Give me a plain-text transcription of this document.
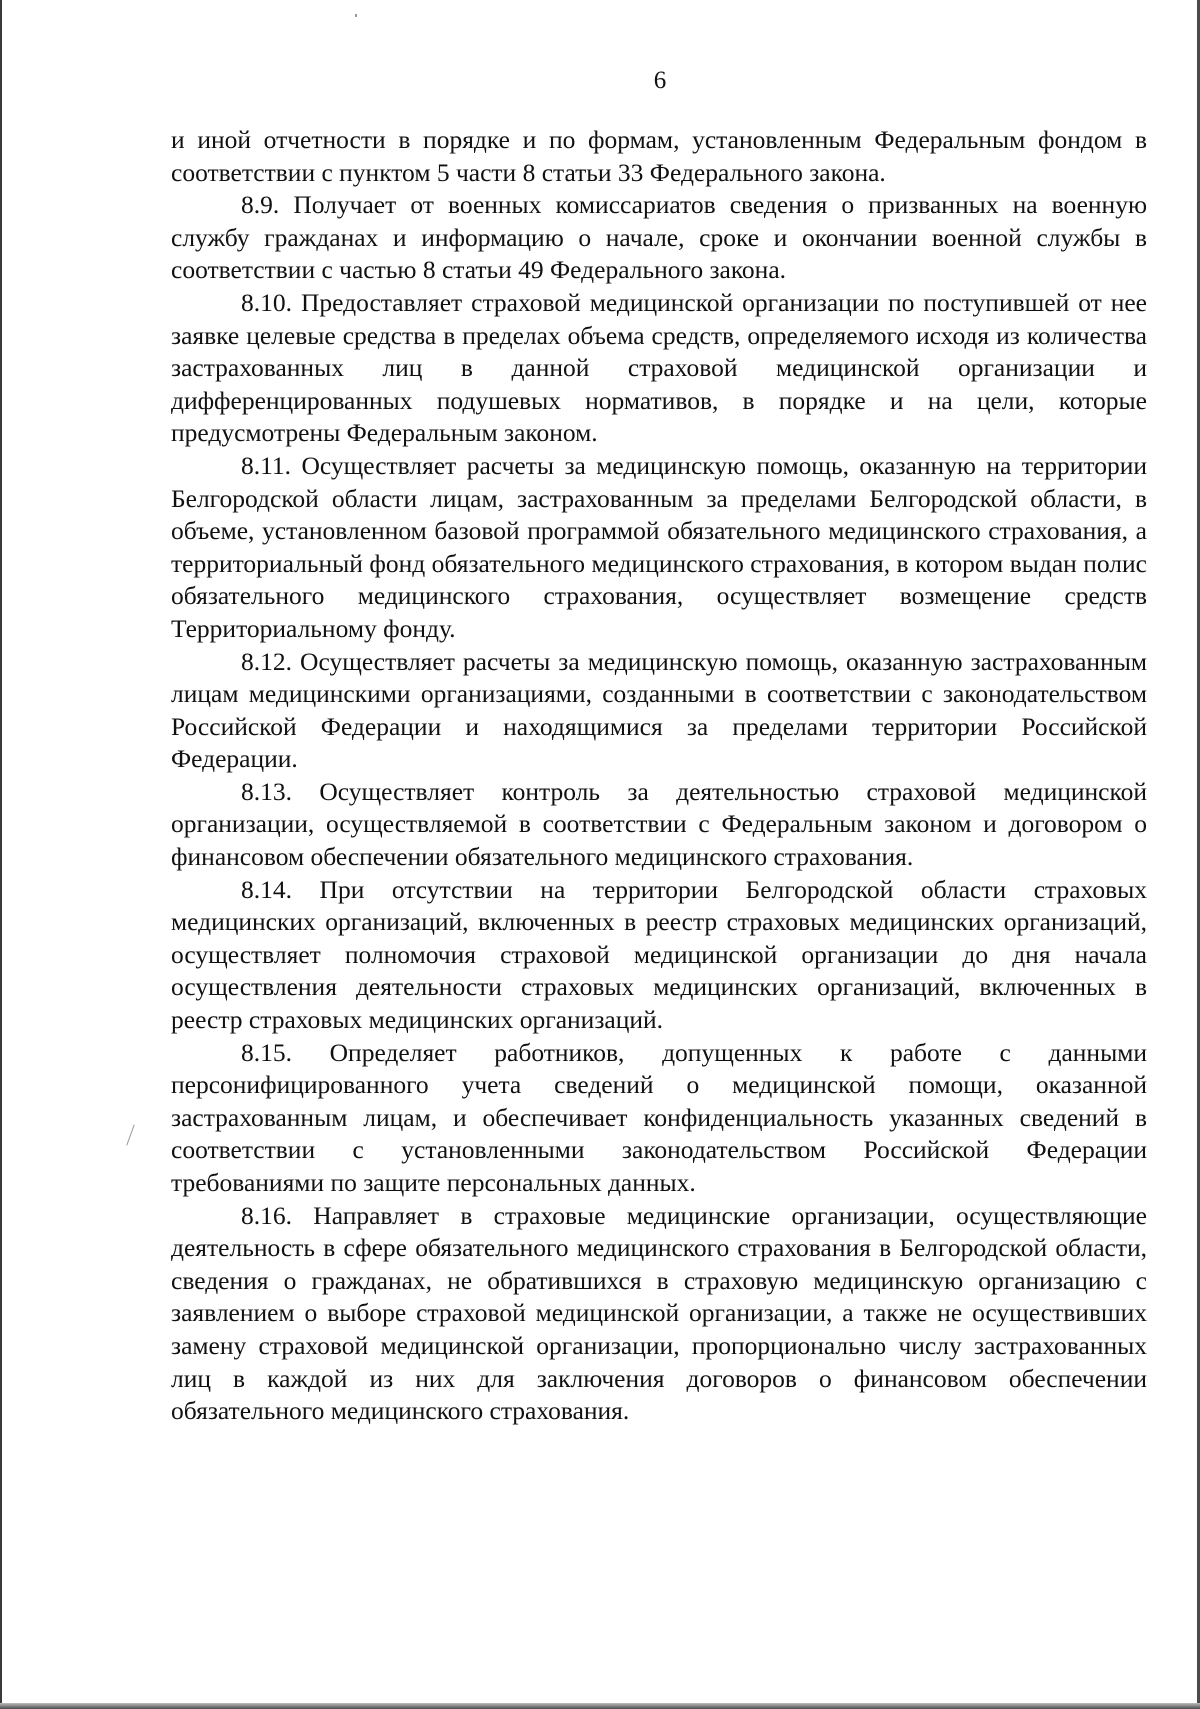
6

и иной отчетности в порядке и по формам, установленным Федеральным фондом в соответствии с пунктом 5 части 8 статьи 33 Федерального закона.

8.9. Получает от военных комиссариатов сведения о призванных на военную службу гражданах и информацию о начале, сроке и окончании военной службы в соответствии с частью 8 статьи 49 Федерального закона.

8.10. Предоставляет страховой медицинской организации по поступившей от нее заявке целевые средства в пределах объема средств, определяемого исходя из количества застрахованных лиц в данной страховой медицинской организации и дифференцированных подушевых нормативов, в порядке и на цели, которые предусмотрены Федеральным законом.

8.11. Осуществляет расчеты за медицинскую помощь, оказанную на территории Белгородской области лицам, застрахованным за пределами Белгородской области, в объеме, установленном базовой программой обязательного медицинского страхования, а территориальный фонд обязательного медицинского страхования, в котором выдан полис обязательного медицинского страхования, осуществляет возмещение средств Территориальному фонду.

8.12. Осуществляет расчеты за медицинскую помощь, оказанную застрахованным лицам медицинскими организациями, созданными в соответствии с законодательством Российской Федерации и находящимися за пределами территории Российской Федерации.

8.13. Осуществляет контроль за деятельностью страховой медицинской организации, осуществляемой в соответствии с Федеральным законом и договором о финансовом обеспечении обязательного медицинского страхования.

8.14. При отсутствии на территории Белгородской области страховых медицинских организаций, включенных в реестр страховых медицинских организаций, осуществляет полномочия страховой медицинской организации до дня начала осуществления деятельности страховых медицинских организаций, включенных в реестр страховых медицинских организаций.

8.15. Определяет работников, допущенных к работе с данными персонифицированного учета сведений о медицинской помощи, оказанной застрахованным лицам, и обеспечивает конфиденциальность указанных сведений в соответствии с установленными законодательством Российской Федерации требованиями по защите персональных данных.

8.16. Направляет в страховые медицинские организации, осуществляющие деятельность в сфере обязательного медицинского страхования в Белгородской области, сведения о гражданах, не обратившихся в страховую медицинскую организацию с заявлением о выборе страховой медицинской организации, а также не осуществивших замену страховой медицинской организации, пропорционально числу застрахованных лиц в каждой из них для заключения договоров о финансовом обеспечении обязательного медицинского страхования.
